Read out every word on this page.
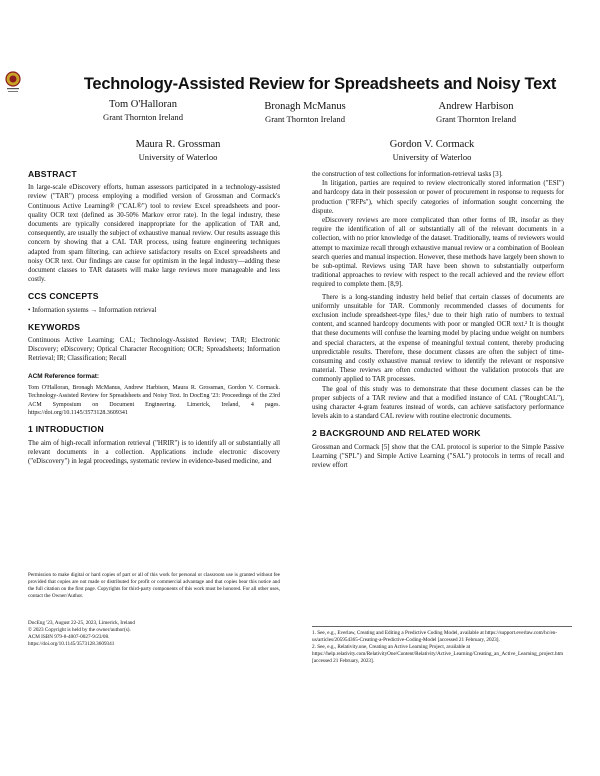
Technology-Assisted Review for Spreadsheets and Noisy Text
Tom O'Halloran
Grant Thornton Ireland
Bronagh McManus
Grant Thornton Ireland
Andrew Harbison
Grant Thornton Ireland
Maura R. Grossman
University of Waterloo
Gordon V. Cormack
University of Waterloo
ABSTRACT

In large-scale eDiscovery efforts, human assessors participated in a technology-assisted review ("TAR") process employing a modified version of Grossman and Cormack's Continuous Active Learning® ("CAL®") tool to review Excel spreadsheets and poor-quality OCR text (defined as 30-50% Markov error rate). In the legal industry, these documents are typically considered inappropriate for the application of TAR and, consequently, are usually the subject of exhaustive manual review. Our results assuage this concern by showing that a CAL TAR process, using feature engineering techniques adapted from spam filtering, can achieve satisfactory results on Excel spreadsheets and noisy OCR text. Our findings are cause for optimism in the legal industry—adding these document classes to TAR datasets will make large reviews more manageable and less costly.

CCS CONCEPTS

• Information systems → Information retrieval

KEYWORDS

Continuous Active Learning; CAL; Technology-Assisted Review; TAR; Electronic Discovery; eDiscovery; Optical Character Recognition; OCR; Spreadsheets; Information Retrieval; IR; Classification; Recall

ACM Reference format:

Tom O'Halloran, Bronagh McManus, Andrew Harbison, Maura R. Grossman, Gordon V. Cormack. Technology-Assisted Review for Spreadsheets and Noisy Text. In DocEng '23: Proceedings of the 23rd ACM Symposium on Document Engineering. Limerick, Ireland, 4 pages. https://doi.org/10.1145/3573128.3609341

1 INTRODUCTION

The aim of high-recall information retrieval ("HRIR") is to identify all or substantially all relevant documents in a collection. Applications include electronic discovery ("eDiscovery") in legal proceedings, systematic review in evidence-based medicine, and

Permission to make digital or hard copies of part or all of this work for personal or classroom use is granted without fee provided that copies are not made or distributed for profit or commercial advantage and that copies bear this notice and the full citation on the first page. Copyrights for third-party components of this work must be honored. For all other uses, contact the Owner/Author.
DocEng '23, August 22-25, 2023, Limerick, Ireland
© 2023 Copyright is held by the owner/author(s).
ACM ISBN 979-8-4007-0027-9/23/08.
https://doi.org/10.1145/3573128.3609341

the construction of test collections for information-retrieval tasks [3].

In litigation, parties are required to review electronically stored information ("ESI") and hardcopy data in their possession or power of procurement in response to requests for production ("RFPs"), which specify categories of information sought concerning the dispute.

eDiscovery reviews are more complicated than other forms of IR, insofar as they require the identification of all or substantially all of the relevant documents in a collection, with no prior knowledge of the dataset. Traditionally, teams of reviewers would attempt to maximize recall through exhaustive manual review or a combination of Boolean search queries and manual inspection. However, these methods have largely been shown to be sub-optimal. Reviews using TAR have been shown to substantially outperform traditional approaches to review with respect to the recall achieved and the review effort required to complete them. [8,9].

There is a long-standing industry held belief that certain classes of documents are uniformly unsuitable for TAR. Commonly recommended classes of documents for exclusion include spreadsheet-type files,¹ due to their high ratio of numbers to textual content, and scanned hardcopy documents with poor or mangled OCR text.² It is thought that these documents will confuse the learning model by placing undue weight on numbers and special characters, at the expense of meaningful textual content, thereby producing unpredictable results. Therefore, these document classes are often the subject of time-consuming and costly exhaustive manual review to identify the relevant or responsive material. These reviews are often conducted without the validation protocols that are commonly applied to TAR processes.

The goal of this study was to demonstrate that these document classes can be the proper subjects of a TAR review and that a modified instance of CAL ("RoughCAL"), using character 4-gram features instead of words, can achieve satisfactory performance levels akin to a standard CAL review with routine electronic documents.

2 BACKGROUND AND RELATED WORK

Grossman and Cormack [5] show that the CAL protocol is superior to the Simple Passive Learning ("SPL") and Simple Active Learning ("SAL") protocols in terms of recall and review effort

1. See, e.g., Everlaw, Creating and Editing a Predictive Coding Model, available at https://support.everlaw.com/hc/en-us/articles/205954365-Creating-a-Predictive-Coding-Model [accessed 21 February, 2023].
2. See, e.g., Relativity.one, Creating an Active Learning Project, available at https://help.relativity.com/RelativityOne/Content/Relativity/Active_Learning/Creating_an_Active_Learning_project.htm [accessed 21 February, 2023].
